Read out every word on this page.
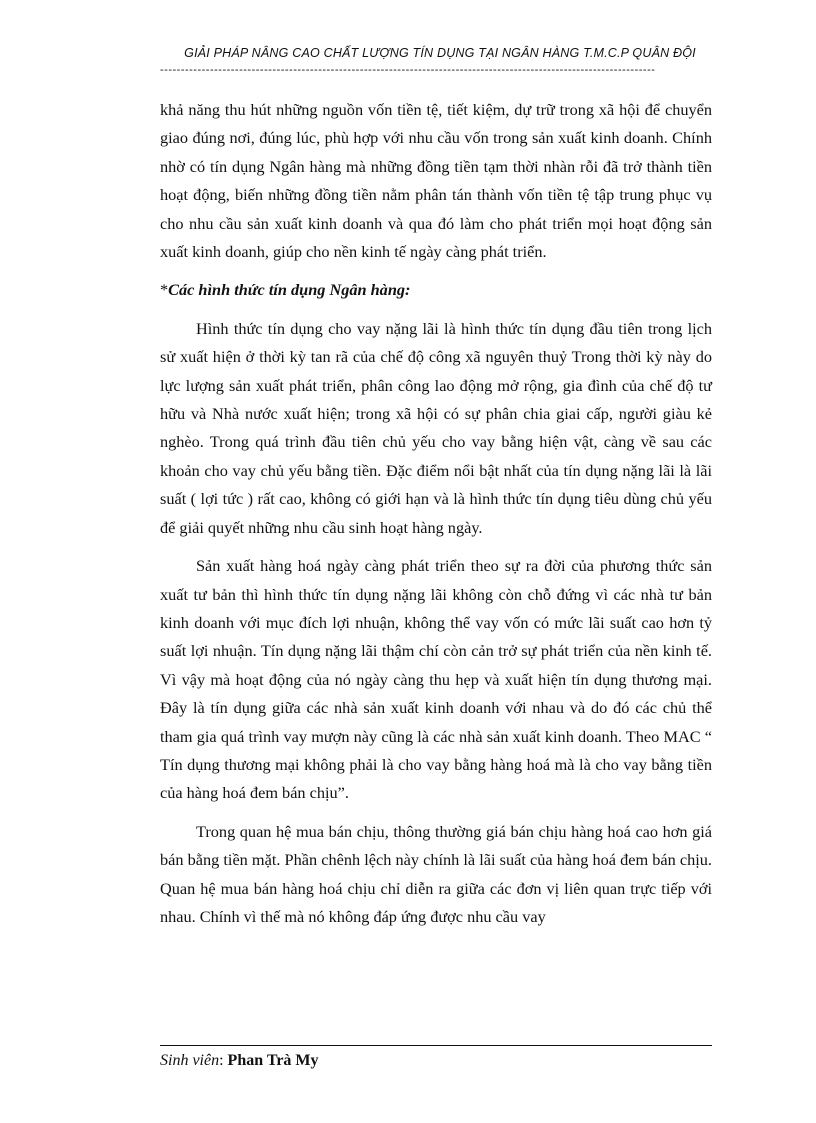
GIẢI PHÁP NÂNG CAO CHẤT LƯỢNG TÍN DỤNG TẠI NGÂN HÀNG T.M.C.P QUÂN ĐỘI
-----------------------------------------------------------------------------------------------------------------------

khả năng thu hút những nguồn vốn tiền tệ, tiết kiệm, dự trữ trong xã hội để chuyển giao đúng nơi, đúng lúc, phù hợp với nhu cầu vốn trong sản xuất kinh doanh. Chính nhờ có tín dụng Ngân hàng mà những đồng tiền tạm thời nhàn rỗi đã trở thành tiền hoạt động, biến những đồng tiền nằm phân tán thành vốn tiền tệ tập trung phục vụ cho nhu cầu sản xuất kinh doanh và qua đó làm cho phát triển mọi hoạt động sản xuất kinh doanh, giúp cho nền kinh tế ngày càng phát triển.

*Các hình thức tín dụng Ngân hàng:

Hình thức tín dụng cho vay nặng lãi là hình thức tín dụng đầu tiên trong lịch sử xuất hiện ở thời kỳ tan rã của chế độ công xã nguyên thuỷ Trong thời kỳ này do lực lượng sản xuất phát triển, phân công lao động mở rộng, gia đình của chế độ tư hữu và Nhà nước xuất hiện; trong xã hội có sự phân chia giai cấp, người giàu kẻ nghèo. Trong quá trình đầu tiên chủ yếu cho vay bằng hiện vật, càng về sau các khoản cho vay chủ yếu bằng tiền. Đặc điểm nổi bật nhất của tín dụng nặng lãi là lãi suất ( lợi tức ) rất cao, không có giới hạn và là hình thức tín dụng tiêu dùng chủ yếu để giải quyết những nhu cầu sinh hoạt hàng ngày.

Sản xuất hàng hoá ngày càng phát triển theo sự ra đời của phương thức sản xuất tư bản thì hình thức tín dụng nặng lãi không còn chỗ đứng vì các nhà tư bản kinh doanh với mục đích lợi nhuận, không thể vay vốn có mức lãi suất cao hơn tỷ suất lợi nhuận. Tín dụng nặng lãi thậm chí còn cản trở sự phát triển của nền kinh tế. Vì vậy mà hoạt động của nó ngày càng thu hẹp và xuất hiện tín dụng thương mại. Đây là tín dụng giữa các nhà sản xuất kinh doanh với nhau và do đó các chủ thể tham gia quá trình vay mượn này cũng là các nhà sản xuất kinh doanh. Theo MAC “ Tín dụng thương mại không phải là cho vay bằng hàng hoá mà là cho vay bằng tiền của hàng hoá đem bán chịu”.

Trong quan hệ mua bán chịu, thông thường giá bán chịu hàng hoá cao hơn giá bán bằng tiền mặt. Phần chênh lệch này chính là lãi suất của hàng hoá đem bán chịu. Quan hệ mua bán hàng hoá chịu chỉ diễn ra giữa các đơn vị liên quan trực tiếp với nhau. Chính vì thế mà nó không đáp ứng được nhu cầu vay

Sinh viên: Phan Trà My
